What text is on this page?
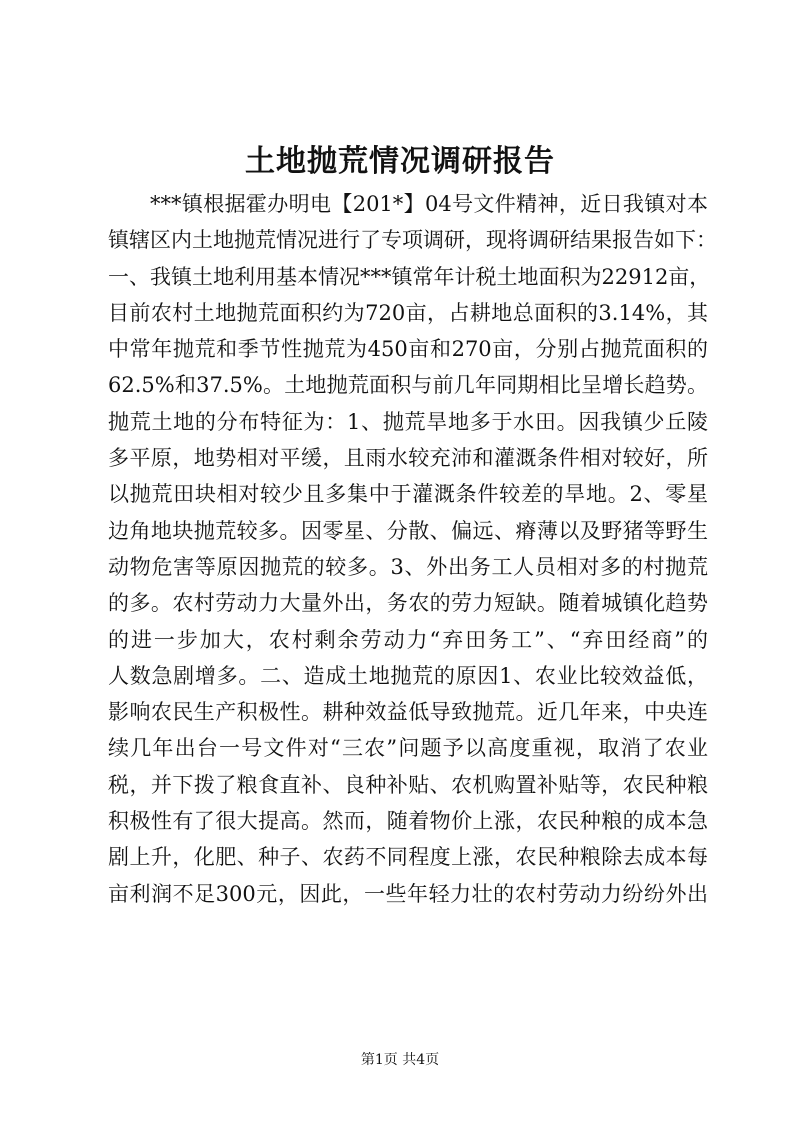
土地抛荒情况调研报告
***镇根据霍办明电【201*】04号文件精神，近日我镇对本
镇辖区内土地抛荒情况进行了专项调研，现将调研结果报告如下：
一、我镇土地利用基本情况***镇常年计税土地面积为22912亩，
目前农村土地抛荒面积约为720亩，占耕地总面积的3.14%，其
中常年抛荒和季节性抛荒为450亩和270亩，分别占抛荒面积的
62.5%和37.5%。土地抛荒面积与前几年同期相比呈增长趋势。
抛荒土地的分布特征为：1、抛荒旱地多于水田。因我镇少丘陵
多平原，地势相对平缓，且雨水较充沛和灌溉条件相对较好，所
以抛荒田块相对较少且多集中于灌溉条件较差的旱地。2、零星
边角地块抛荒较多。因零星、分散、偏远、瘠薄以及野猪等野生
动物危害等原因抛荒的较多。3、外出务工人员相对多的村抛荒
的多。农村劳动力大量外出，务农的劳力短缺。随着城镇化趋势
的进一步加大，农村剩余劳动力“弃田务工”、“弃田经商”的
人数急剧增多。二、造成土地抛荒的原因1、农业比较效益低，
影响农民生产积极性。耕种效益低导致抛荒。近几年来，中央连
续几年出台一号文件对“三农”问题予以高度重视，取消了农业
税，并下拨了粮食直补、良种补贴、农机购置补贴等，农民种粮
积极性有了很大提高。然而，随着物价上涨，农民种粮的成本急
剧上升，化肥、种子、农药不同程度上涨，农民种粮除去成本每
亩利润不足300元，因此，一些年轻力壮的农村劳动力纷纷外出
第1页 共4页
